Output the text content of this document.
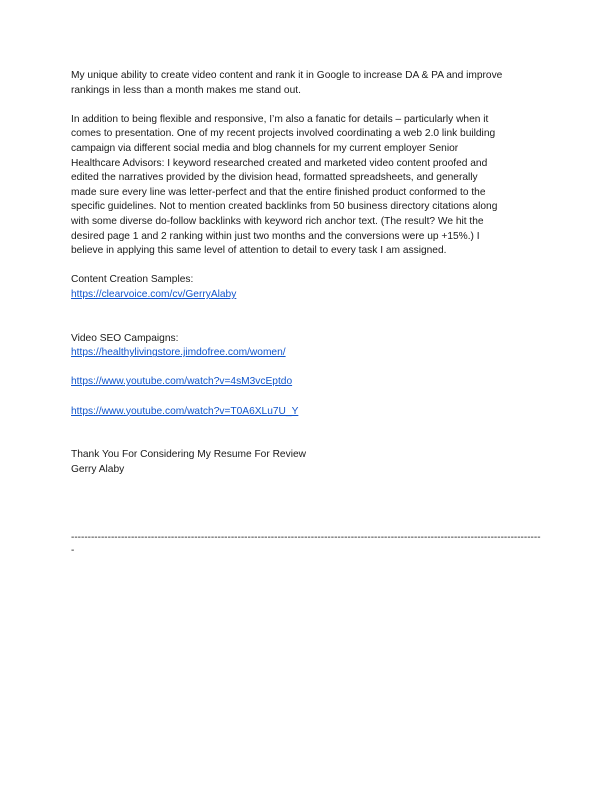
My unique ability to create video content and rank it in Google to increase DA & PA and improve
rankings in less than a month makes me stand out.

In addition to being flexible and responsive, I’m also a fanatic for details – particularly when it
comes to presentation. One of my recent projects involved coordinating a web 2.0 link building
campaign via different social media and blog channels for my current employer Senior
Healthcare Advisors: I keyword researched created and marketed video content proofed and
edited the narratives provided by the division head, formatted spreadsheets, and generally
made sure every line was letter-perfect and that the entire finished product conformed to the
specific guidelines. Not to mention created backlinks from 50 business directory citations along
with some diverse do-follow backlinks with keyword rich anchor text. (The result? We hit the
desired page 1 and 2 ranking within just two months and the conversions were up +15%.) I
believe in applying this same level of attention to detail to every task I am assigned.

Content Creation Samples:

https://clearvoice.com/cv/GerryAlaby

Video SEO Campaigns:

https://healthylivingstore.jimdofree.com/women/

https://www.youtube.com/watch?v=4sM3vcEptdo

https://www.youtube.com/watch?v=T0A6XLu7U_Y

Thank You For Considering My Resume For Review

Gerry Alaby

----------------------------------------------------------------------------------------------------------------------------------------------
